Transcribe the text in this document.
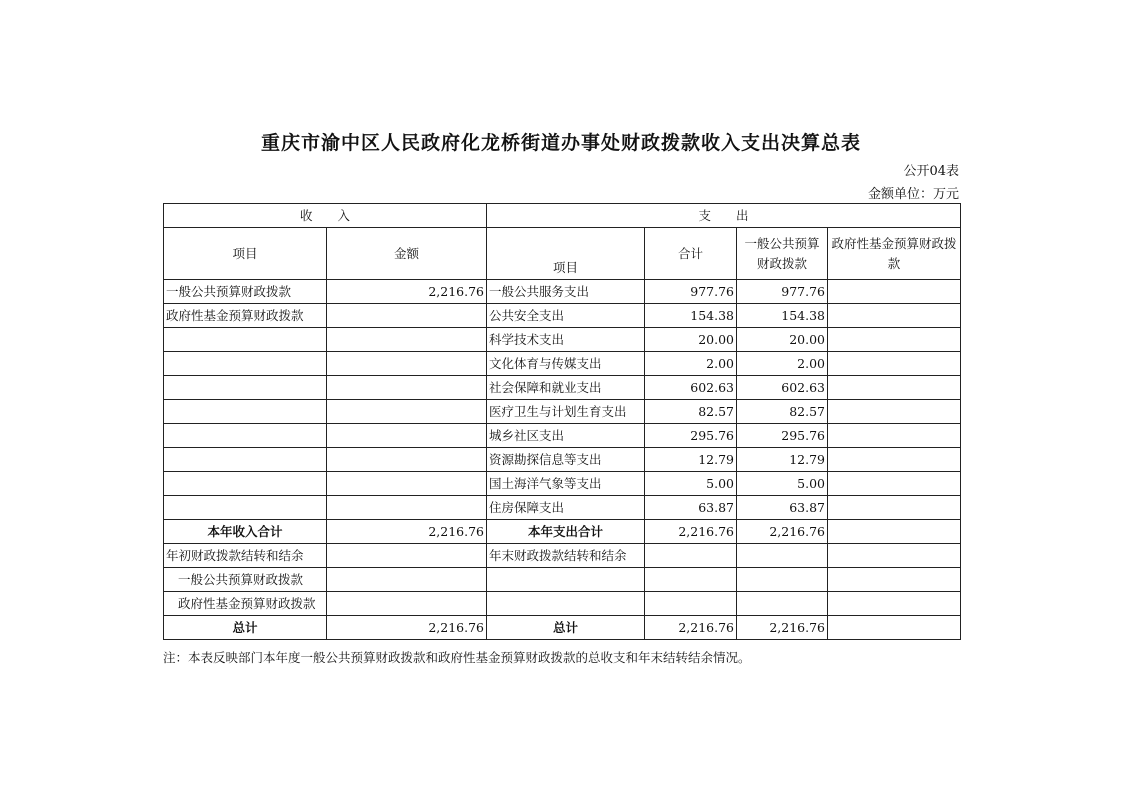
重庆市渝中区人民政府化龙桥街道办事处财政拨款收入支出决算总表
公开04表
金额单位：万元
收　　入		支　　出			
项目	金额	项目	合计	一般公共预算财政拨款	政府性基金预算财政拨款
一般公共预算财政拨款	2,216.76	一般公共服务支出	977.76	977.76	
政府性基金预算财政拨款		公共安全支出	154.38	154.38	
		科学技术支出	20.00	20.00	
		文化体育与传媒支出	2.00	2.00	
		社会保障和就业支出	602.63	602.63	
		医疗卫生与计划生育支出	82.57	82.57	
		城乡社区支出	295.76	295.76	
		资源勘探信息等支出	12.79	12.79	
		国土海洋气象等支出	5.00	5.00	
		住房保障支出	63.87	63.87	
本年收入合计	2,216.76	本年支出合计	2,216.76	2,216.76	
年初财政拨款结转和结余		年末财政拨款结转和结余			
一般公共预算财政拨款					
政府性基金预算财政拨款					
总计	2,216.76	总计	2,216.76	2,216.76	
注：本表反映部门本年度一般公共预算财政拨款和政府性基金预算财政拨款的总收支和年末结转结余情况。
